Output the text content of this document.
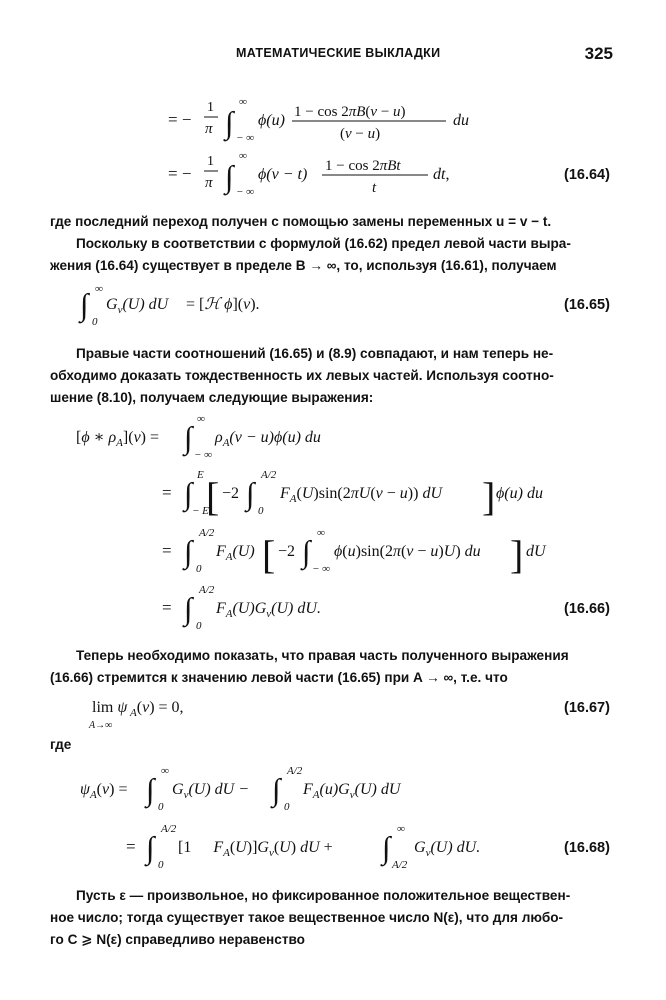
МАТЕМАТИЧЕСКИЕ ВЫКЛАДКИ	325
= −
1
π ∫
∞
− ∞
ϕ(u) 1 − cos 2πB(v − u)
(v − u)
du
= −
1
π ∫
∞
− ∞
ϕ(v − t) 1 − cos 2πBt
t
dt,	(16.64)

где последний переход получен с помощью замены переменных u = v − t.

Поскольку в соответствии с формулой (16.62) предел левой части выра-
жения (16.64) существует в пределе B → ∞, то, используя (16.61), получаем

∫ ∞
0
$G_v(U)$ dU = [ℋ ϕ](v).	(16.65)

Правые части соотношений (16.65) и (8.9) совпадают, и нам теперь не-
обходимо доказать тождественность их левых частей. Используя соотно-
шение (8.10), получаем следующие выражения:

[ϕ ∗ $\rho_A](v)$ = ∫
∞
− ∞
$\rho_A(v - u)\phi(u)$ du
= ∫
E
− E
[ −2 ∫
A/2
0
$F_A(U)\sin(2\pi U(v - u))$ dU ] ϕ(u) du
= ∫
A/2
0
$F_A(U)$ [ −2 ∫
∞
− ∞
ϕ(u)sin(2π(v − u)U) du ] dU
= ∫
A/2
0
$F_A(U)G_v(U)$ dU.	(16.66)

Теперь необходимо показать, что правая часть полученного выражения
(16.66) стремится к значению левой части (16.65) при A → ∞, т.е. что

lim ψ $_A$(v) = 0,
A→∞
(16.67)
где
$\psi_A(v)$ = ∫
∞
0
$G_v(U)$ dU − ∫
A/2
0
$F_A(u)G_v(U)$ dU
= ∫
A/2
0
[1 $F_A(U)]G_v(U)$ dU + ∫
∞
A/2
$G_v(U)$ dU.	(16.68)

Пусть ε — произвольное, но фиксированное положительное веществен-
ное число; тогда существует такое вещественное число N(ε), что для любо-
го C ⩾ N(ε) справедливо неравенство
